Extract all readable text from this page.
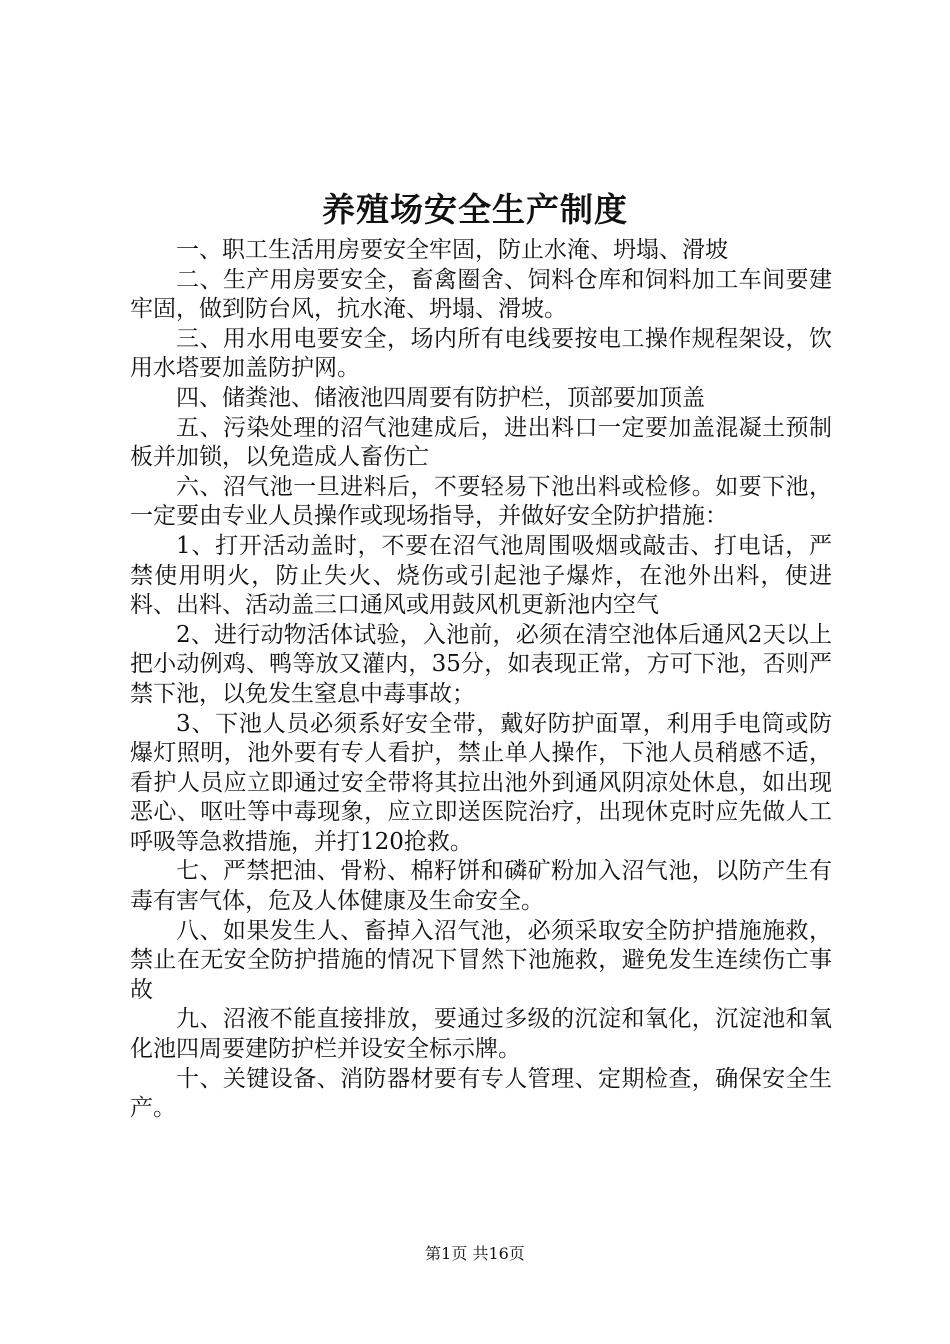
养殖场安全生产制度

一、职工生活用房要安全牢固，防止水淹、坍塌、滑坡

二、生产用房要安全，畜禽圈舍、饲料仓库和饲料加工车间要建牢固，做到防台风，抗水淹、坍塌、滑坡。

三、用水用电要安全，场内所有电线要按电工操作规程架设，饮用水塔要加盖防护网。

四、储粪池、储液池四周要有防护栏，顶部要加顶盖

五、污染处理的沼气池建成后，进出料口一定要加盖混凝土预制板并加锁，以免造成人畜伤亡

六、沼气池一旦进料后，不要轻易下池出料或检修。如要下池，一定要由专业人员操作或现场指导，并做好安全防护措施：

1、打开活动盖时，不要在沼气池周围吸烟或敲击、打电话，严禁使用明火，防止失火、烧伤或引起池子爆炸，在池外出料，使进料、出料、活动盖三口通风或用鼓风机更新池内空气

2、进行动物活体试验，入池前，必须在清空池体后通风2天以上把小动例鸡、鸭等放又灌内，35分，如表现正常，方可下池，否则严禁下池，以免发生窒息中毒事故；

3、下池人员必须系好安全带，戴好防护面罩，利用手电筒或防爆灯照明，池外要有专人看护，禁止单人操作，下池人员稍感不适，看护人员应立即通过安全带将其拉出池外到通风阴凉处休息，如出现恶心、呕吐等中毒现象，应立即送医院治疗，出现休克时应先做人工呼吸等急救措施，并打120抢救。

七、严禁把油、骨粉、棉籽饼和磷矿粉加入沼气池，以防产生有毒有害气体，危及人体健康及生命安全。

八、如果发生人、畜掉入沼气池，必须采取安全防护措施施救，禁止在无安全防护措施的情况下冒然下池施救，避免发生连续伤亡事故

九、沼液不能直接排放，要通过多级的沉淀和氧化，沉淀池和氧化池四周要建防护栏并设安全标示牌。

十、关键设备、消防器材要有专人管理、定期检查，确保安全生产。

第1页 共16页
